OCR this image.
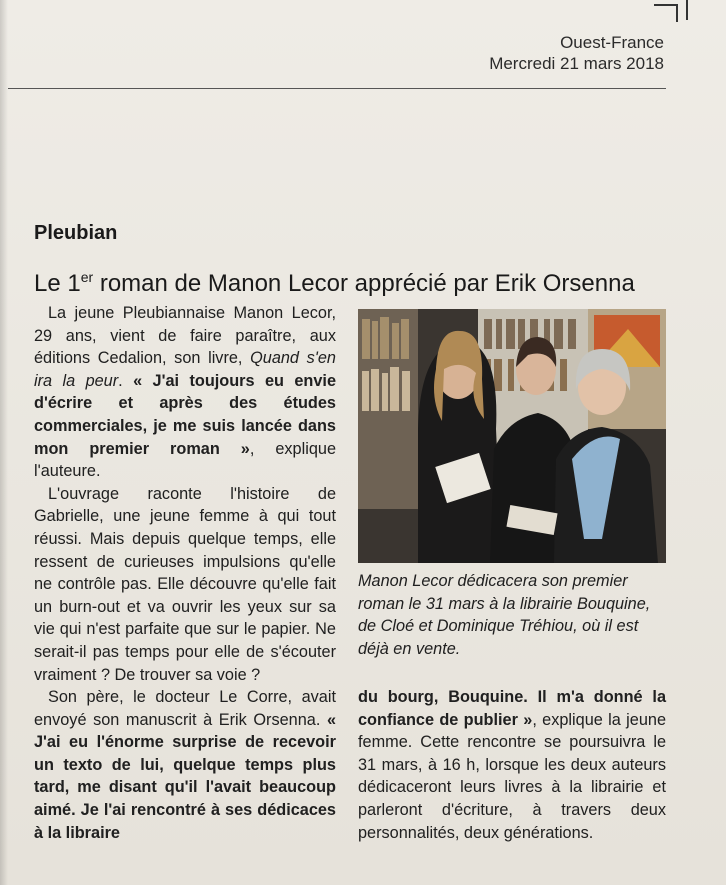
Ouest-France
Mercredi 21 mars 2018
Pleubian
Le 1er roman de Manon Lecor apprécié par Erik Orsenna

La jeune Pleubiannaise Manon Lecor, 29 ans, vient de faire paraître, aux éditions Cedalion, son livre, Quand s'en ira la peur. « J'ai toujours eu envie d'écrire et après des études commerciales, je me suis lancée dans mon premier roman », explique l'auteure.

L'ouvrage raconte l'histoire de Gabrielle, une jeune femme à qui tout réussi. Mais depuis quelque temps, elle ressent de curieuses impulsions qu'elle ne contrôle pas. Elle découvre qu'elle fait un burn-out et va ouvrir les yeux sur sa vie qui n'est parfaite que sur le papier. Ne serait-il pas temps pour elle de s'écouter vraiment ? De trouver sa voie ?

Son père, le docteur Le Corre, avait envoyé son manuscrit à Erik Orsenna. « J'ai eu l'énorme surprise de recevoir un texto de lui, quelque temps plus tard, me disant qu'il l'avait beaucoup aimé. Je l'ai rencontré à ses dédicaces à la libraire

Manon Lecor dédicacera son premier roman le 31 mars à la librairie Bouquine, de Cloé et Dominique Tréhiou, où il est déjà en vente.

du bourg, Bouquine. Il m'a donné la confiance de publier », explique la jeune femme. Cette rencontre se poursuivra le 31 mars, à 16 h, lorsque les deux auteurs dédicaceront leurs livres à la librairie et parleront d'écriture, à travers deux personnalités, deux générations.
